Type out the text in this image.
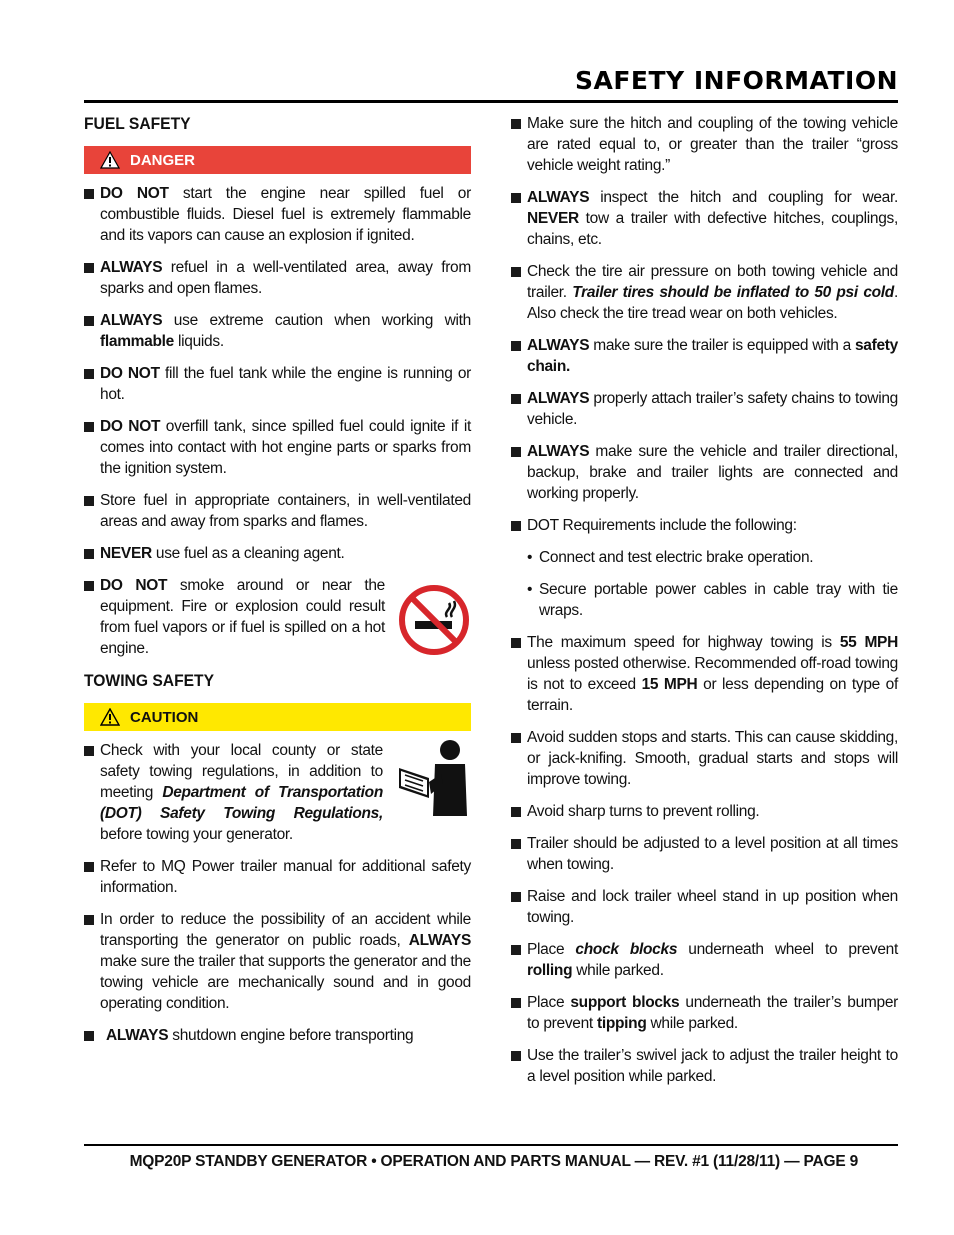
SAFETY INFORMATION
FUEL SAFETY
DANGER
DO NOT start the engine near spilled fuel or combustible fluids. Diesel fuel is extremely flammable and its vapors can cause an explosion if ignited.
ALWAYS refuel in a well-ventilated area, away from sparks and open flames.
ALWAYS use extreme caution when working with flammable liquids.
DO NOT fill the fuel tank while the engine is running or hot.
DO NOT overfill tank, since spilled fuel could ignite if it comes into contact with hot engine parts or sparks from the ignition system.
Store fuel in appropriate containers, in well-ventilated areas and away from sparks and flames.
NEVER use fuel as a cleaning agent.
DO NOT smoke around or near the equipment. Fire or explosion could result from fuel vapors or if fuel is spilled on a hot engine.
TOWING SAFETY
CAUTION
Check with your local county or state safety towing regulations, in addition to meeting Department of Transportation (DOT) Safety Towing Regulations, before towing your generator.
Refer to MQ Power trailer manual for additional safety information.
In order to reduce the possibility of an accident while transporting the generator on public roads, ALWAYS make sure the trailer that supports the generator and the towing vehicle are mechanically sound and in good operating condition.
ALWAYS shutdown engine before transporting
Make sure the hitch and coupling of the towing vehicle are rated equal to, or greater than the trailer “gross vehicle weight rating.”
ALWAYS inspect the hitch and coupling for wear. NEVER tow a trailer with defective hitches, couplings, chains, etc.
Check the tire air pressure on both towing vehicle and trailer. Trailer tires should be inflated to 50 psi cold. Also check the tire tread wear on both vehicles.
ALWAYS make sure the trailer is equipped with a safety chain.
ALWAYS properly attach trailer’s safety chains to towing vehicle.
ALWAYS make sure the vehicle and trailer directional, backup, brake and trailer lights are connected and working properly.
DOT Requirements include the following:
• Connect and test electric brake operation.
• Secure portable power cables in cable tray with tie wraps.
The maximum speed for highway towing is 55 MPH unless posted otherwise. Recommended off-road towing is not to exceed 15 MPH or less depending on type of terrain.
Avoid sudden stops and starts. This can cause skidding, or jack-knifing. Smooth, gradual starts and stops will improve towing.
Avoid sharp turns to prevent rolling.
Trailer should be adjusted to a level position at all times when towing.
Raise and lock trailer wheel stand in up position when towing.
Place chock blocks underneath wheel to prevent rolling while parked.
Place support blocks underneath the trailer’s bumper to prevent tipping while parked.
Use the trailer’s swivel jack to adjust the trailer height to a level position while parked.
MQP20P STANDBY GENERATOR • OPERATION AND PARTS MANUAL — REV. #1 (11/28/11) — PAGE 9
